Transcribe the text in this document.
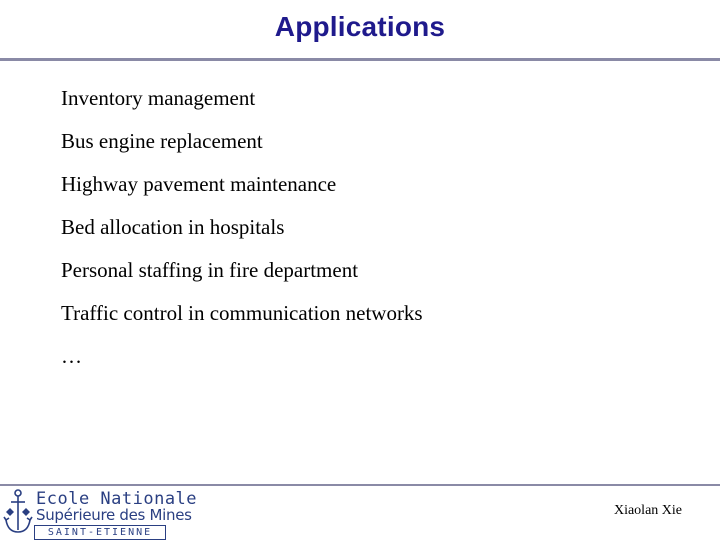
Applications
Inventory management
Bus engine replacement
Highway pavement maintenance
Bed allocation in hospitals
Personal staffing in fire department
Traffic control in communication networks
…
Ecole Nationale
Supérieure des Mines
SAINT-ETIENNE
Xiaolan Xie
